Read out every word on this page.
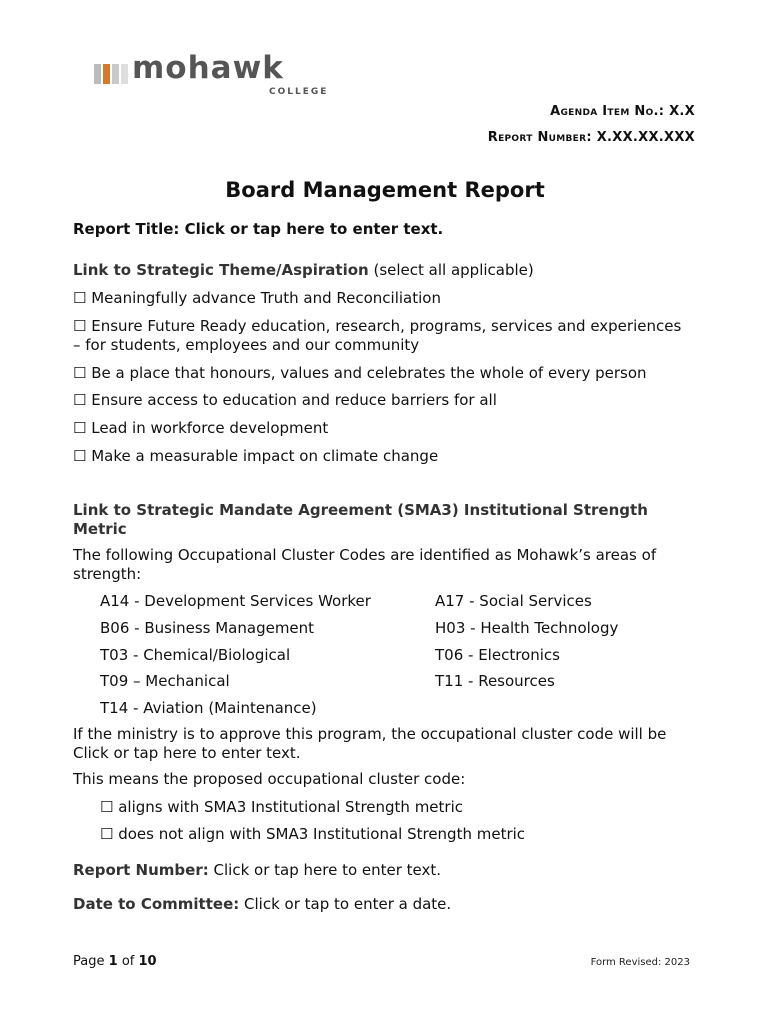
mohawk
COLLEGE
Agenda Item No.: X.X
Report Number: X.XX.XX.XXX
Board Management Report
Report Title: Click or tap here to enter text.
Link to Strategic Theme/Aspiration (select all applicable)
☐ Meaningfully advance Truth and Reconciliation
☐ Ensure Future Ready education, research, programs, services and experiences
– for students, employees and our community
☐ Be a place that honours, values and celebrates the whole of every person
☐ Ensure access to education and reduce barriers for all
☐ Lead in workforce development
☐ Make a measurable impact on climate change
Link to Strategic Mandate Agreement (SMA3) Institutional Strength
Metric
The following Occupational Cluster Codes are identified as Mohawk’s areas of
strength:
A14 - Development Services Worker
B06 - Business Management
T03 - Chemical/Biological
T09 – Mechanical
T14 - Aviation (Maintenance)
A17 - Social Services
H03 - Health Technology
T06 - Electronics
T11 - Resources
If the ministry is to approve this program, the occupational cluster code will be
Click or tap here to enter text.
This means the proposed occupational cluster code:
☐ aligns with SMA3 Institutional Strength metric
☐ does not align with SMA3 Institutional Strength metric
Report Number: Click or tap here to enter text.
Date to Committee: Click or tap to enter a date.
Page 1 of 10	Form Revised: 2023
